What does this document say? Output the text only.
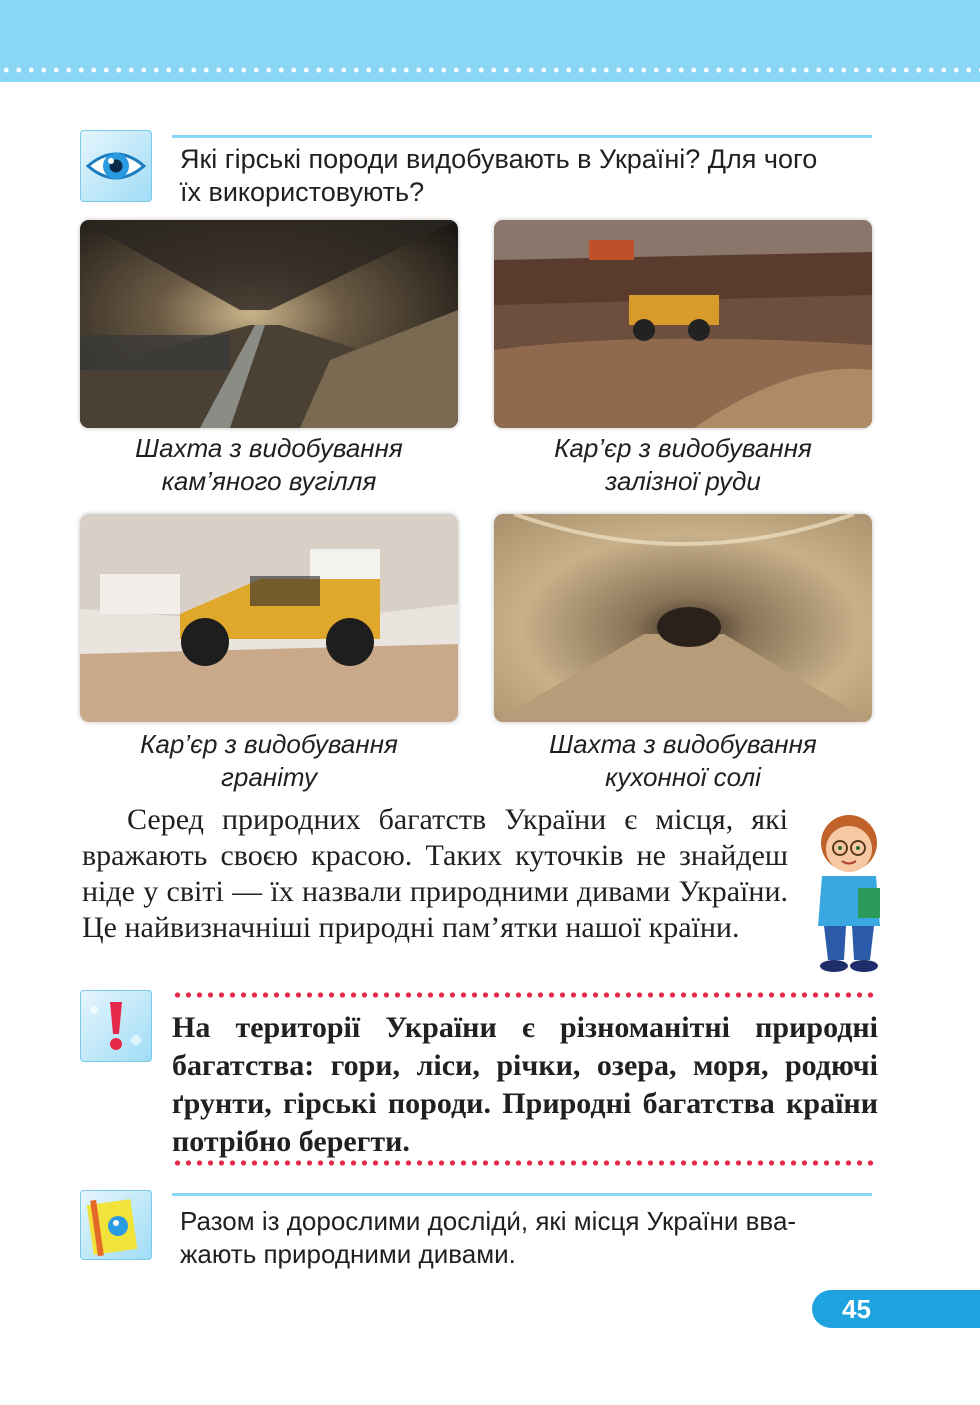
Які гірські породи видобувають в Україні? Для чого
їх використовують?
Шахта з видобування
кам’яного вугілля
Кар’єр з видобування
залізної руди
Кар’єр з видобування
граніту
Шахта з видобування
кухонної солі
Серед природних багатств України є місця, які вражають своєю красою. Таких куточків не знайдеш ніде у світі — їх назвали природними дивами України. Це найвизначніші природні пам’ятки нашої країни.
На території України є різноманітні природні багатства: гори, ліси, річки, озера, моря, родючі ґрунти, гірські породи. Природні багатства країни потрібно берегти.
Разом із дорослими досліди́, які місця України вва-
жають природними дивами.
45
